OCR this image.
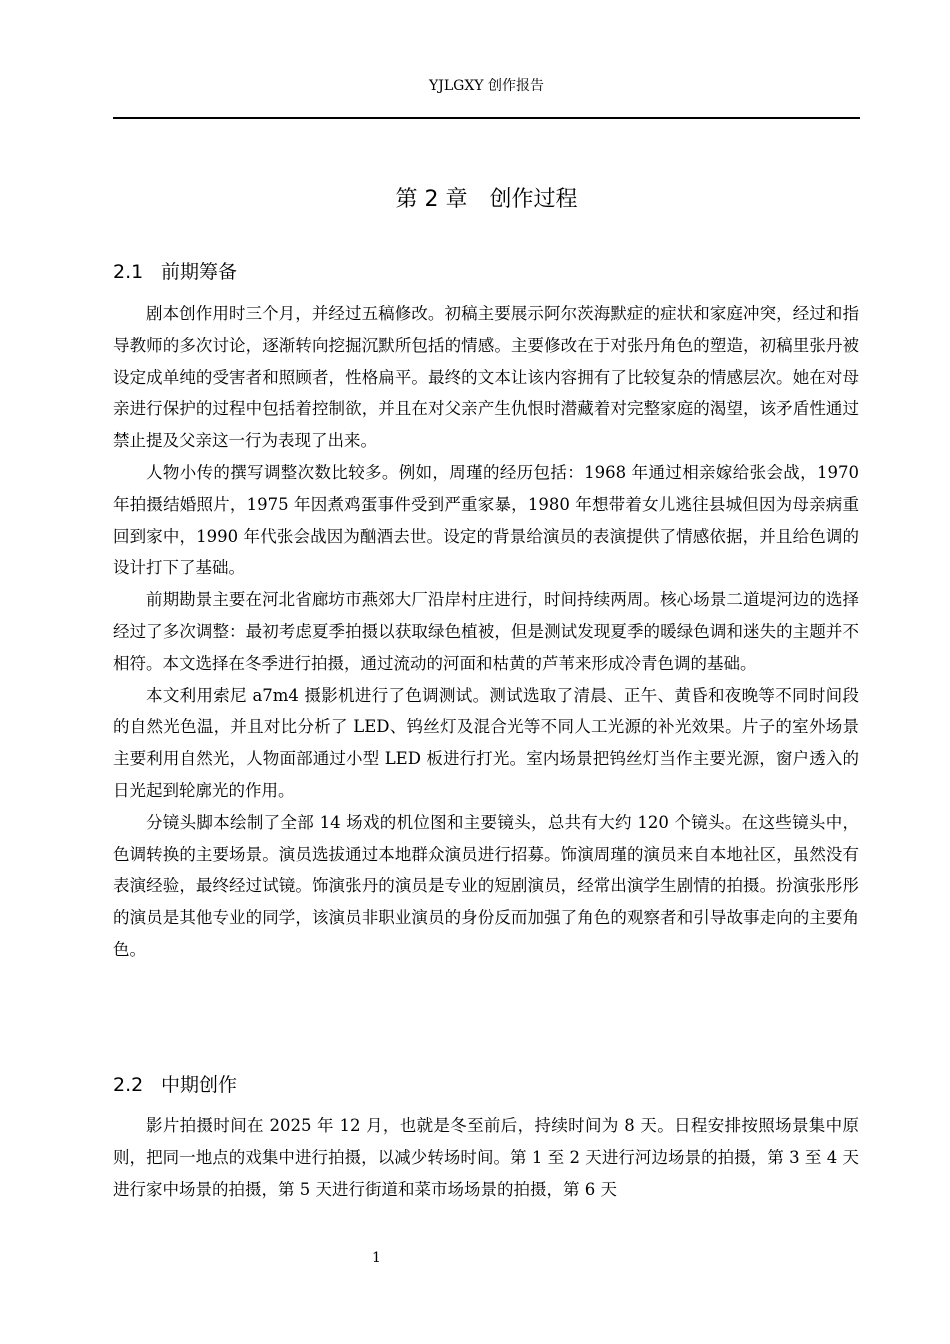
YJLGXY 创作报告
第 2 章　创作过程
2.1 前期筹备

剧本创作用时三个月，并经过五稿修改。初稿主要展示阿尔茨海默症的症状和家庭冲突，经过和指导教师的多次讨论，逐渐转向挖掘沉默所包括的情感。主要修改在于对张丹角色的塑造，初稿里张丹被设定成单纯的受害者和照顾者，性格扁平。最终的文本让该内容拥有了比较复杂的情感层次。她在对母亲进行保护的过程中包括着控制欲，并且在对父亲产生仇恨时潜藏着对完整家庭的渴望，该矛盾性通过禁止提及父亲这一行为表现了出来。

人物小传的撰写调整次数比较多。例如，周瑾的经历包括：1968 年通过相亲嫁给张会战，1970 年拍摄结婚照片，1975 年因煮鸡蛋事件受到严重家暴，1980 年想带着女儿逃往县城但因为母亲病重回到家中，1990 年代张会战因为酗酒去世。设定的背景给演员的表演提供了情感依据，并且给色调的设计打下了基础。

前期勘景主要在河北省廊坊市燕郊大厂沿岸村庄进行，时间持续两周。核心场景二道堤河边的选择经过了多次调整：最初考虑夏季拍摄以获取绿色植被，但是测试发现夏季的暖绿色调和迷失的主题并不相符。本文选择在冬季进行拍摄，通过流动的河面和枯黄的芦苇来形成冷青色调的基础。

本文利用索尼 a7m4 摄影机进行了色调测试。测试选取了清晨、正午、黄昏和夜晚等不同时间段的自然光色温，并且对比分析了 LED、钨丝灯及混合光等不同人工光源的补光效果。片子的室外场景主要利用自然光，人物面部通过小型 LED 板进行打光。室内场景把钨丝灯当作主要光源，窗户透入的日光起到轮廓光的作用。

分镜头脚本绘制了全部 14 场戏的机位图和主要镜头，总共有大约 120 个镜头。在这些镜头中，色调转换的主要场景。演员选拔通过本地群众演员进行招募。饰演周瑾的演员来自本地社区，虽然没有表演经验，最终经过试镜。饰演张丹的演员是专业的短剧演员，经常出演学生剧情的拍摄。扮演张彤彤的演员是其他专业的同学，该演员非职业演员的身份反而加强了角色的观察者和引导故事走向的主要角色。

2.2 中期创作

影片拍摄时间在 2025 年 12 月，也就是冬至前后，持续时间为 8 天。日程安排按照场景集中原则，把同一地点的戏集中进行拍摄，以减少转场时间。第 1 至 2 天进行河边场景的拍摄，第 3 至 4 天进行家中场景的拍摄，第 5 天进行街道和菜市场场景的拍摄，第 6 天

1
